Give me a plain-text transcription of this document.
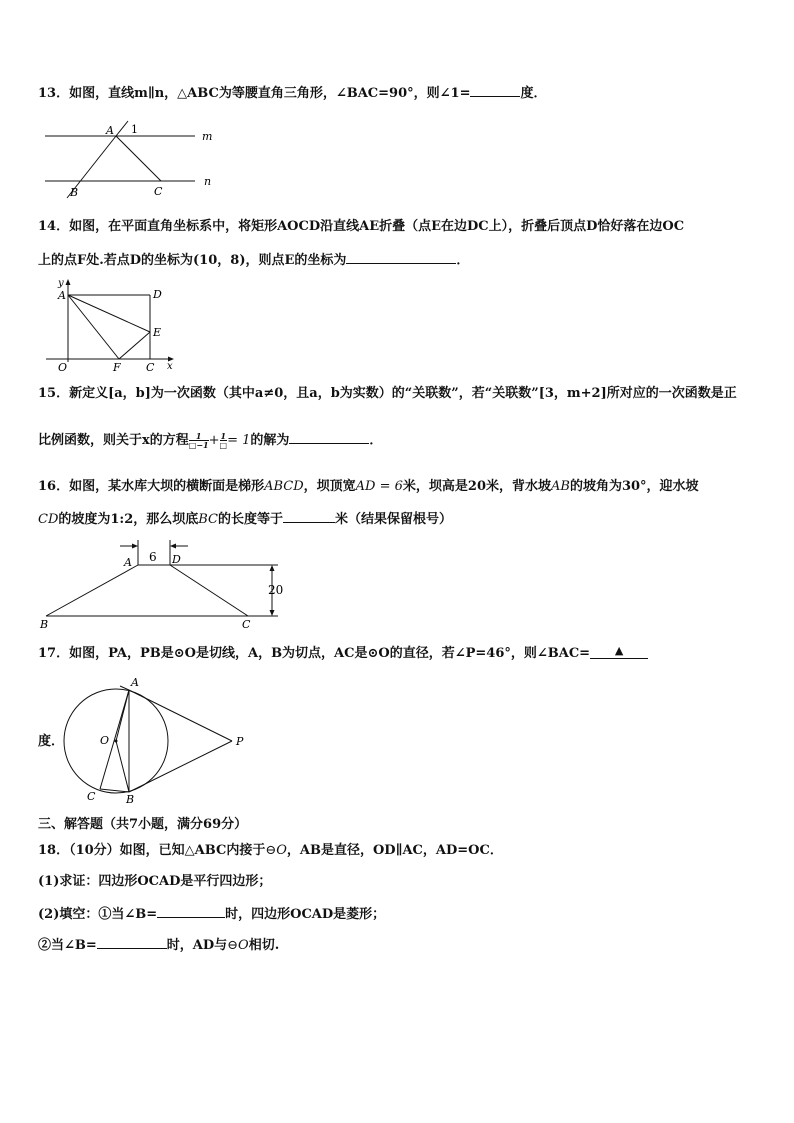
13．如图，直线m∥n，△ABC为等腰直角三角形，∠BAC=90°，则∠1=	度．
A 1
m
B	C
n
14．如图，在平面直角坐标系中，将矩形AOCD沿直线AE折叠（点E在边DC上），折叠后顶点D恰好落在边OC
上的点F处.若点D的坐标为(10，8)，则点E的坐标为	．
y
A	D
E
O	F C x
15．新定义[a，b]为一次函数（其中a≠0，且a，b为实数）的“关联数”，若“关联数”[3，m+2]所对应的一次函数是正
比例函数，则关于x的方程 $\frac{1}{□-1} + \frac{1}{□} = 1$的解为	．
16．如图，某水库大坝的横断面是梯形ABCD，坝顶宽AD = 6米，坝高是20米，背水坡AB的坡角为30°，迎水坡
CD的坡度为1:2，那么坝底BC的长度等于	米（结果保留根号）
6
A	D
20
B	C
17．如图，PA，PB是⊙O是切线，A，B为切点，AC是⊙O的直径，若∠P=46°，则∠BAC= ▲
度．
A
O	P
C	B
三、解答题（共7小题，满分69分）
18．（10分）如图，已知△ABC内接于⊖O，AB是直径，OD∥AC，AD=OC．
(1)求证：四边形OCAD是平行四边形；
(2)填空：①当∠B=	时，四边形OCAD是菱形；
②当∠B=	时，AD与⊖O相切.
